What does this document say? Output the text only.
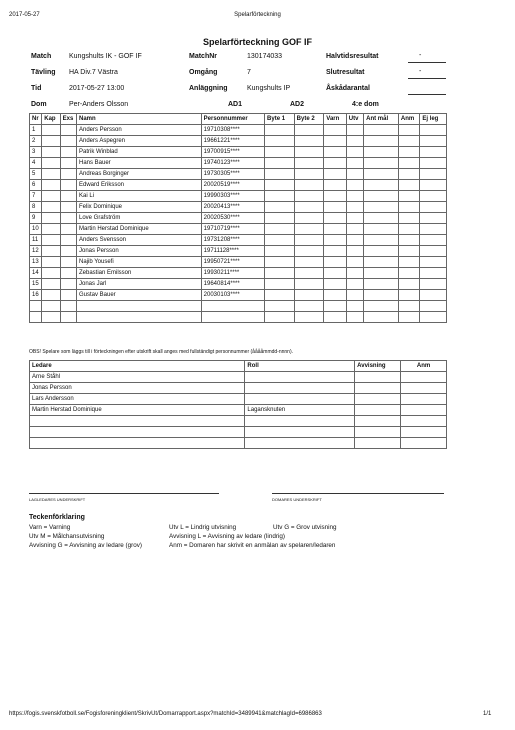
2017-05-27	Spelarförteckning
Spelarförteckning GOF IF
Match	Kungshults IK - GOF IF	MatchNr	130174033	Halvtidsresultat	-
Tävling HA Div.7 Västra	Omgång	7	Slutresultat	-
Tid	2017-05-27 13:00	Anläggning	Kungshults IP	Åskådarantal
Dom	Per-Anders Olsson	AD1	AD2	4:e dom
Nr	Kap	Exs	Namn	Personnummer	Byte 1	Byte 2	Varn	Utv	Ant mål	Anm	Ej leg
1			Anders Persson	19710308****							
2			Anders Aspegren	19661221****							
3			Patrik Winblad	19700915****							
4			Hans Bauer	19740123****							
5			Andreas Borginger	19730305****							
6			Edward Eriksson	20020519****							
7			Kai Li	19990303****							
8			Felix Dominique	20020413****							
9			Love Grafström	20020530****							
10			Martin Herstad Dominique	19710719****							
11			Anders Svensson	19731208****							
12			Jonas Persson	19711128****							
13			Najib Yousefi	19950721****							
14			Zebastian Emilsson	19930211****							
15			Jonas Jarl	19640814****							
16			Gustav Bauer	20030103****							

OBS! Spelare som läggs till i förteckningen efter utskrift skall anges med fullständigt personnummer (ååååmmdd-nnnn).
Ledare	Roll	Avvisning	Anm
Arne Ståhl			
Jonas Persson			
Lars Andersson			
Martin Herstad Dominique	Lagansknuten		

LAGLEDARES UNDERSKRIFT	DOMARES UNDERSKRIFT
Teckenförklaring
Varn = Varning	Utv L = Lindrig utvisning	Utv G = Grov utvisning
Utv M = Målchansutvisning	Avvisning L = Avvisning av ledare (lindrig)
Avvisning G = Avvisning av ledare (grov)	Anm = Domaren har skrivit en anmälan av spelaren/ledaren
https://fogis.svenskfotboll.se/Fogisforeningklient/SkrivUt/Domarrapport.aspx?matchId=3489941&matchlagId=6986863	1/1
